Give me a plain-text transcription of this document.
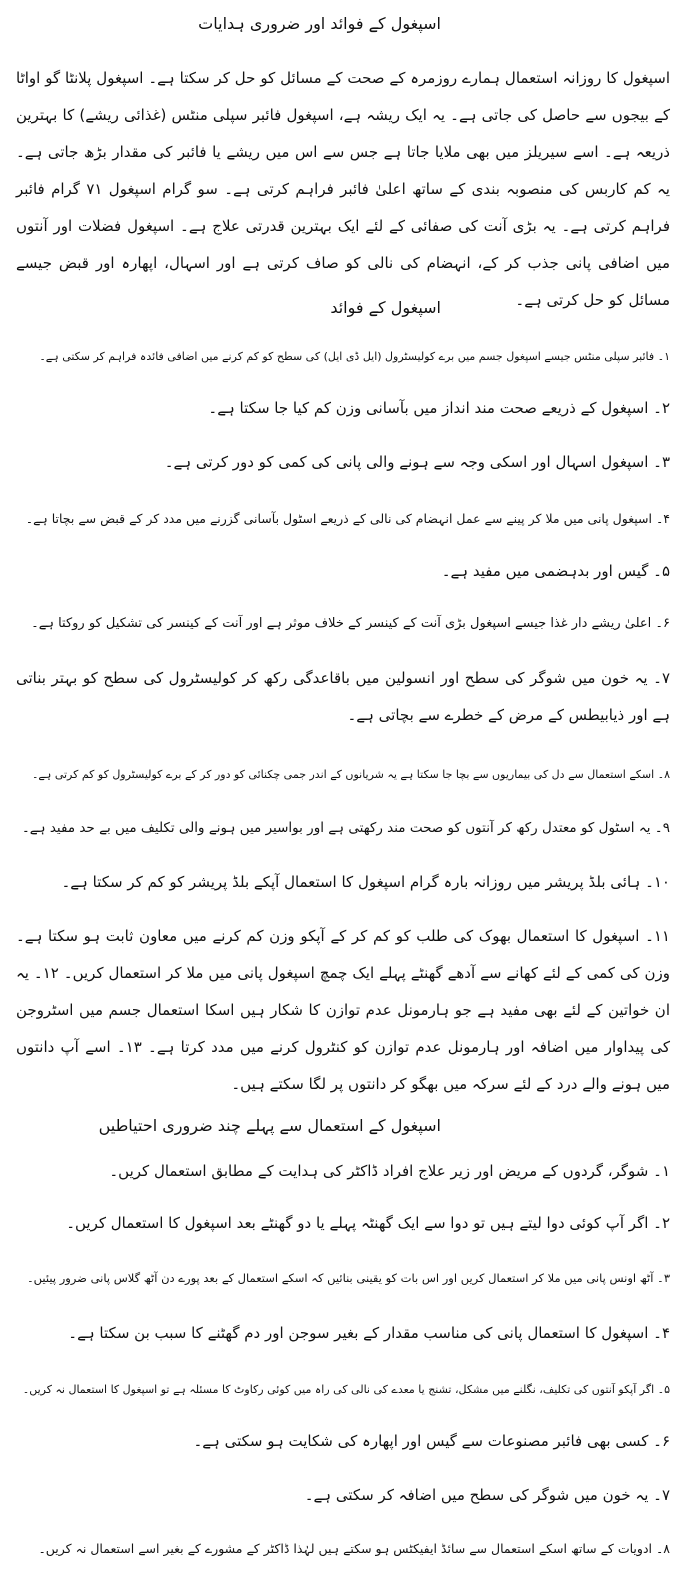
اسپغول کے فوائد اور ضروری ہدایات

اسپغول کا روزانہ استعمال ہمارے روزمرہ کے صحت کے مسائل کو حل کر سکتا ہے۔ اسپغول پلانٹا گو اواٹا کے بیجوں سے حاصل کی جاتی ہے۔ یہ ایک ریشہ ہے، اسپغول فائبر سپلی منٹس (غذائی ریشے) کا بہترین ذریعہ ہے۔ اسے سیریلز میں بھی ملایا جاتا ہے جس سے اس میں ریشے یا فائبر کی مقدار بڑھ جاتی ہے۔ یہ کم کاربس کی منصوبہ بندی کے ساتھ اعلیٰ فائبر فراہم کرتی ہے۔ سو گرام اسپغول ۷۱ گرام فائبر فراہم کرتی ہے۔ یہ بڑی آنت کی صفائی کے لئے ایک بہترین قدرتی علاج ہے۔ اسپغول فضلات اور آنتوں میں اضافی پانی جذب کر کے، انہضام کی نالی کو صاف کرتی ہے اور اسہال، اپھارہ اور قبض جیسے مسائل کو حل کرتی ہے۔

اسپغول کے فوائد

۱۔ فائبر سپلی منٹس جیسے اسپغول جسم میں برے کولیسٹرول (ایل ڈی ایل) کی سطح کو کم کرنے میں اضافی فائدہ فراہم کر سکتی ہے۔

۲۔ اسپغول کے ذریعے صحت مند انداز میں بآسانی وزن کم کیا جا سکتا ہے۔

۳۔ اسپغول اسہال اور اسکی وجہ سے ہونے والی پانی کی کمی کو دور کرتی ہے۔

۴۔ اسپغول پانی میں ملا کر پینے سے عمل انہضام کی نالی کے ذریعے اسٹول بآسانی گزرنے میں مدد کر کے قبض سے بچاتا ہے۔

۵۔ گیس اور بدہضمی میں مفید ہے۔

۶۔ اعلیٰ ریشے دار غذا جیسے اسپغول بڑی آنت کے کینسر کے خلاف موثر ہے اور آنت کے کینسر کی تشکیل کو روکتا ہے۔

۷۔ یہ خون میں شوگر کی سطح اور انسولین میں باقاعدگی رکھ کر کولیسٹرول کی سطح کو بہتر بناتی ہے اور ذیابیطس کے مرض کے خطرے سے بچاتی ہے۔

۸۔ اسکے استعمال سے دل کی بیماریوں سے بچا جا سکتا ہے یہ شریانوں کے اندر جمی چکنائی کو دور کر کے برے کولیسٹرول کو کم کرتی ہے۔

۹۔ یہ اسٹول کو معتدل رکھ کر آنتوں کو صحت مند رکھتی ہے اور بواسیر میں ہونے والی تکلیف میں بے حد مفید ہے۔

۱۰۔ ہائی بلڈ پریشر میں روزانہ بارہ گرام اسپغول کا استعمال آپکے بلڈ پریشر کو کم کر سکتا ہے۔

۱۱۔ اسپغول کا استعمال بھوک کی طلب کو کم کر کے آپکو وزن کم کرنے میں معاون ثابت ہو سکتا ہے۔ وزن کی کمی کے لئے کھانے سے آدھے گھنٹے پہلے ایک چمچ اسپغول پانی میں ملا کر استعمال کریں۔ ۱۲۔ یہ ان خواتین کے لئے بھی مفید ہے جو ہارمونل عدم توازن کا شکار ہیں اسکا استعمال جسم میں اسٹروجن کی پیداوار میں اضافہ اور ہارمونل عدم توازن کو کنٹرول کرنے میں مدد کرتا ہے۔ ۱۳۔ اسے آپ دانتوں میں ہونے والے درد کے لئے سرکہ میں بھگو کر دانتوں پر لگا سکتے ہیں۔

اسپغول کے استعمال سے پہلے چند ضروری احتیاطیں

۱۔ شوگر، گردوں کے مریض اور زیر علاج افراد ڈاکٹر کی ہدایت کے مطابق استعمال کریں۔

۲۔ اگر آپ کوئی دوا لیتے ہیں تو دوا سے ایک گھنٹہ پہلے یا دو گھنٹے بعد اسپغول کا استعمال کریں۔

۳۔ آٹھ اونس پانی میں ملا کر استعمال کریں اور اس بات کو یقینی بنائیں کہ اسکے استعمال کے بعد پورے دن آٹھ گلاس پانی ضرور پیئیں۔

۴۔ اسپغول کا استعمال پانی کی مناسب مقدار کے بغیر سوجن اور دم گھٹنے کا سبب بن سکتا ہے۔

۵۔ اگر آپکو آنتوں کی تکلیف، نگلنے میں مشکل، تشنج یا معدے کی نالی کی راہ میں کوئی رکاوٹ کا مسئلہ ہے تو اسپغول کا استعمال نہ کریں۔

۶۔ کسی بھی فائبر مصنوعات سے گیس اور اپھارہ کی شکایت ہو سکتی ہے۔

۷۔ یہ خون میں شوگر کی سطح میں اضافہ کر سکتی ہے۔

۸۔ ادویات کے ساتھ اسکے استعمال سے سائڈ ایفیکٹس ہو سکتے ہیں لہٰذا ڈاکٹر کے مشورے کے بغیر اسے استعمال نہ کریں۔
